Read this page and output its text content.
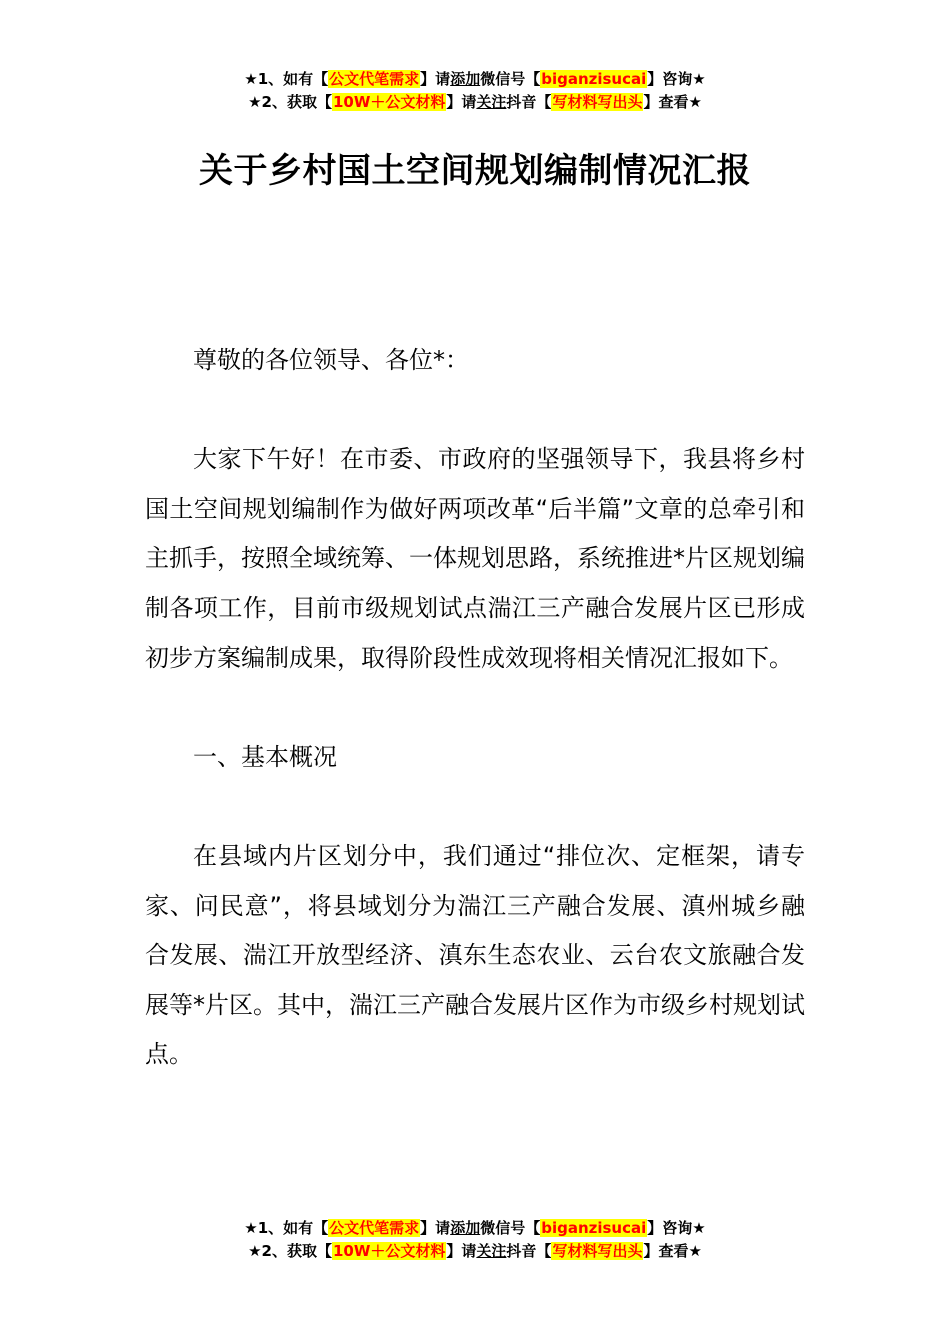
★1、如有【公文代笔需求】请添加微信号【biganzisucai】咨询★
★2、获取【10W＋公文材料】请关注抖音【写材料写出头】查看★
关于乡村国土空间规划编制情况汇报

尊敬的各位领导、各位*：

大家下午好！在市委、市政府的坚强领导下，我县将乡村国土空间规划编制作为做好两项改革“后半篇”文章的总牵引和主抓手，按照全域统筹、一体规划思路，系统推进*片区规划编制各项工作，目前市级规划试点湍江三产融合发展片区已形成初步方案编制成果，取得阶段性成效现将相关情况汇报如下。

一、基本概况

在县域内片区划分中，我们通过“排位次、定框架，请专家、问民意”，将县域划分为湍江三产融合发展、滇州城乡融合发展、湍江开放型经济、滇东生态农业、云台农文旅融合发展等*片区。其中，湍江三产融合发展片区作为市级乡村规划试点。

★1、如有【公文代笔需求】请添加微信号【biganzisucai】咨询★
★2、获取【10W＋公文材料】请关注抖音【写材料写出头】查看★
